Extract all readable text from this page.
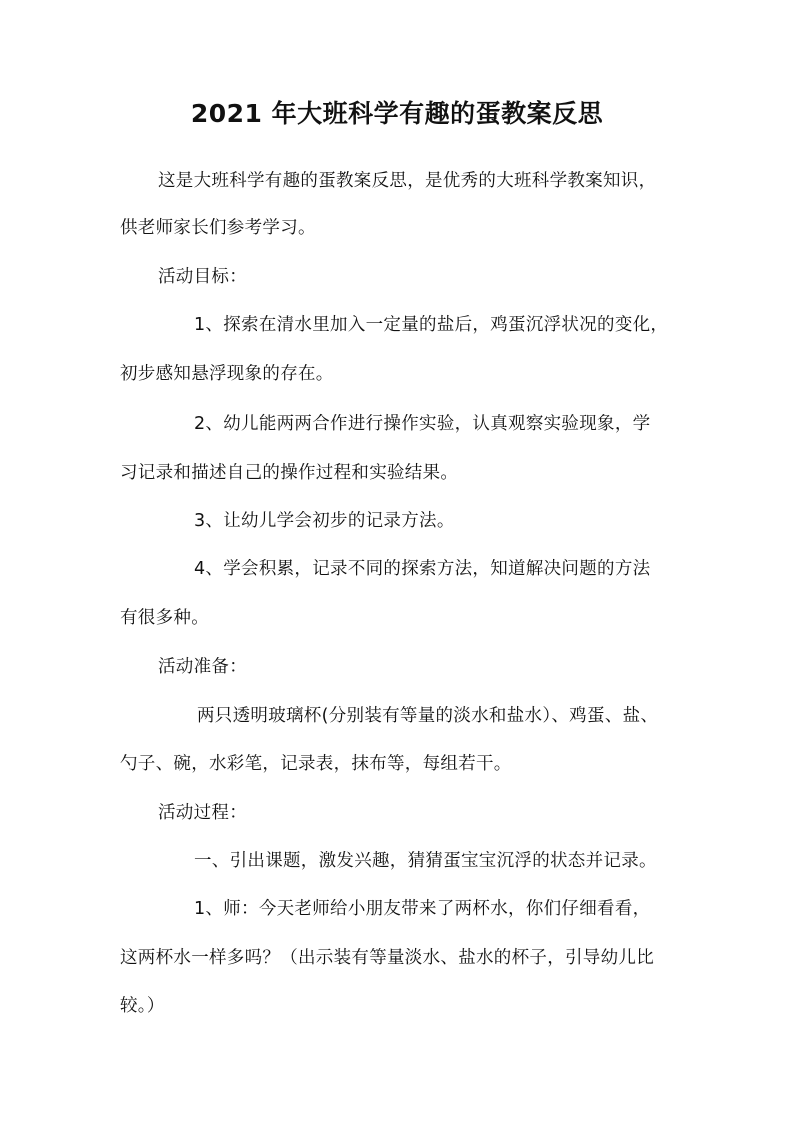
2021 年大班科学有趣的蛋教案反思
这是大班科学有趣的蛋教案反思，是优秀的大班科学教案知识，
供老师家长们参考学习。
活动目标：
1、探索在清水里加入一定量的盐后，鸡蛋沉浮状况的变化，
初步感知悬浮现象的存在。
2、幼儿能两两合作进行操作实验，认真观察实验现象，学
习记录和描述自己的操作过程和实验结果。
3、让幼儿学会初步的记录方法。
4、学会积累，记录不同的探索方法，知道解决问题的方法
有很多种。
活动准备：
两只透明玻璃杯(分别装有等量的淡水和盐水）、鸡蛋、盐、
勺子、碗，水彩笔，记录表，抹布等，每组若干。
活动过程：
一、引出课题，激发兴趣，猜猜蛋宝宝沉浮的状态并记录。
1、师：今天老师给小朋友带来了两杯水，你们仔细看看，
这两杯水一样多吗？（出示装有等量淡水、盐水的杯子，引导幼儿比
较。）
